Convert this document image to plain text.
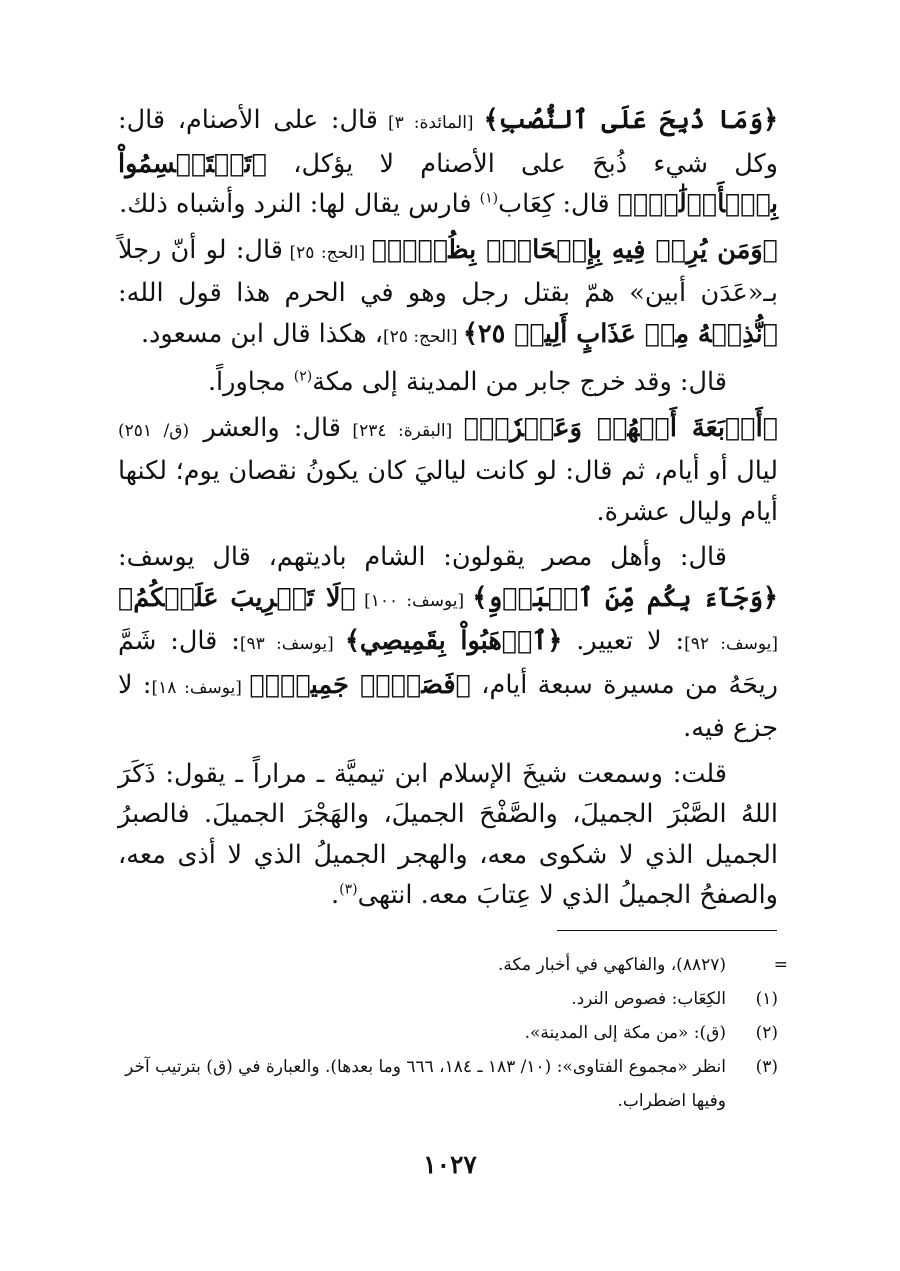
﴿وَمَا ذُبِحَ عَلَى ٱلنُّصُبِ﴾ [المائدة: ٣] قال: على الأصنام، قال: وكل شيء ذُبحَ على الأصنام لا يؤكل، ﴿تَسۡتَقۡسِمُواْ بِٱلۡأَزۡلَٰمِۚ﴾ قال: كِعَاب$^{(١)}$ فارس يقال لها: النرد وأشباه ذلك.

﴿وَمَن يُرِدۡ فِيهِ بِإِلۡحَادِۭ بِظُلۡمٖ﴾ [الحج: ٢٥] قال: لو أنّ رجلاً بـ«عَدَن أبين» همّ بقتل رجل وهو في الحرم هذا قول الله: ﴿نُّذِقۡهُ مِنۡ عَذَابٍ أَلِيمٖ ٢٥﴾ [الحج: ٢٥]، هكذا قال ابن مسعود.

قال: وقد خرج جابر من المدينة إلى مكة$^{(٢)}$ مجاوراً.

﴿أَرۡبَعَةَ أَشۡهُرٖ وَعَشۡرٗاۖ﴾ [البقرة: ٢٣٤] قال: والعشر (ق/ ٢٥١) ليال أو أيام، ثم قال: لو كانت لياليَ كان يكونُ نقصان يوم؛ لكنها أيام وليال عشرة.

قال: وأهل مصر يقولون: الشام باديتهم، قال يوسف: ﴿وَجَآءَ بِكُم مِّنَ ٱلۡبَدۡوِ﴾ [يوسف: ١٠٠] ﴿لَا تَثۡرِيبَ عَلَيۡكُمُ﴾ [يوسف: ٩٢]: لا تعيير. ﴿ٱذۡهَبُواْ بِقَمِيصِي﴾ [يوسف: ٩٣]: قال: شَمَّ ريحَهُ من مسيرة سبعة أيام، ﴿فَصَبۡرٞ جَمِيلٞۖ﴾ [يوسف: ١٨]: لا جزع فيه.

قلت: وسمعت شيخَ الإسلام ابن تيميَّة ـ مراراً ـ يقول: ذَكَرَ اللهُ الصَّبْرَ الجميلَ، والصَّفْحَ الجميلَ، والهَجْرَ الجميلَ. فالصبرُ الجميل الذي لا شكوى معه، والهجر الجميلُ الذي لا أذى معه، والصفحُ الجميلُ الذي لا عِتابَ معه. انتهى$^{(٣)}$.

=
(٨٨٢٧)، والفاكهي في أخبار مكة.
(١)
الكِعَاب: فصوص النرد.
(٢)
(ق): «من مكة إلى المدينة».
(٣)
انظر «مجموع الفتاوى»: (١٠/ ١٨٣ ـ ١٨٤، ٦٦٦ وما بعدها). والعبارة في (ق) بترتيب آخر وفيها اضطراب.
١٠٢٧
